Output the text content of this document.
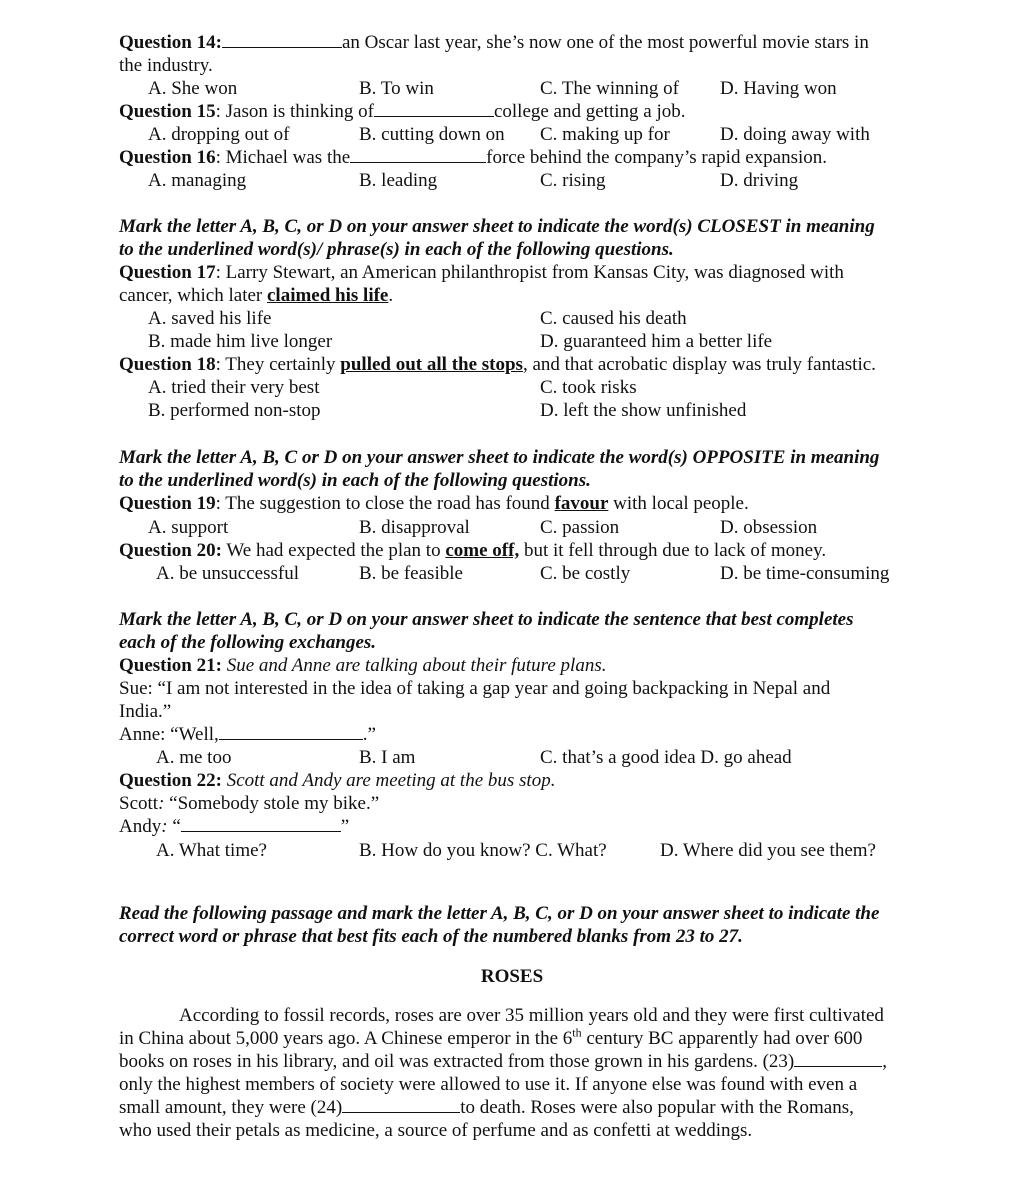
Question 14:	an Oscar last year, she’s now one of the most powerful movie stars in
the industry.
A. She won	B. To win	C. The winning of D. Having won
Question 15: Jason is thinking of	college and getting a job.
A. dropping out of	B. cutting down on C. making up for	D. doing away with
Question 16: Michael was the	force behind the company’s rapid expansion.
A. managing	B. leading	C. rising	D. driving
Mark the letter A, B, C, or D on your answer sheet to indicate the word(s) CLOSEST in meaning
to the underlined word(s)/ phrase(s) in each of the following questions.
Question 17: Larry Stewart, an American philanthropist from Kansas City, was diagnosed with
cancer, which later claimed his life.
A. saved his life	C. caused his death
B. made him live longer	D. guaranteed him a better life
Question 18: They certainly pulled out all the stops, and that acrobatic display was truly fantastic.
A. tried their very best	C. took risks
B. performed non-stop	D. left the show unfinished
Mark the letter A, B, C or D on your answer sheet to indicate the word(s) OPPOSITE in meaning
to the underlined word(s) in each of the following questions.
Question 19: The suggestion to close the road has found favour with local people.
A. support	B. disapproval	C. passion	D. obsession
Question 20: We had expected the plan to come off, but it fell through due to lack of money.
A. be unsuccessful	B. be feasible	C. be costly	D. be time-consuming
Mark the letter A, B, C, or D on your answer sheet to indicate the sentence that best completes
each of the following exchanges.
Question 21: Sue and Anne are talking about their future plans.
Sue: “I am not interested in the idea of taking a gap year and going backpacking in Nepal and
India.”
Anne: “Well,	.”
A. me too	B. I am	C. that’s a good idea D. go ahead
Question 22: Scott and Andy are meeting at the bus stop.
Scott: “Somebody stole my bike.”
Andy: “	”
A. What time?	B. How do you know? C. What?	D. Where did you see them?
Read the following passage and mark the letter A, B, C, or D on your answer sheet to indicate the
correct word or phrase that best fits each of the numbered blanks from 23 to 27.
ROSES
According to fossil records, roses are over 35 million years old and they were first cultivated
in China about 5,000 years ago. A Chinese emperor in the 6th century BC apparently had over 600
books on roses in his library, and oil was extracted from those grown in his gardens. (23)	,
only the highest members of society were allowed to use it. If anyone else was found with even a
small amount, they were (24)	to death. Roses were also popular with the Romans,
who used their petals as medicine, a source of perfume and as confetti at weddings.
